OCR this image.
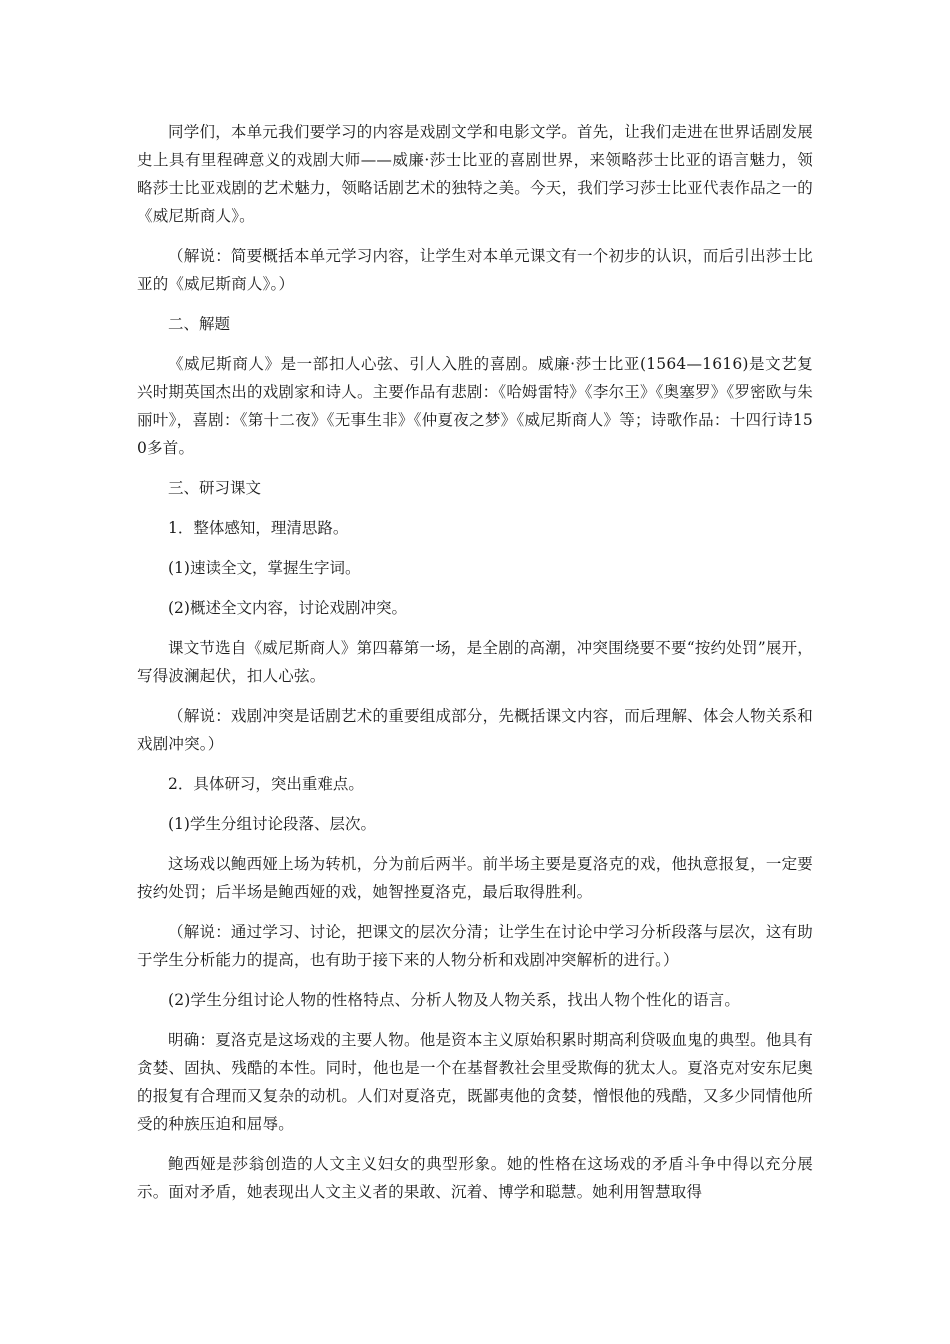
同学们，本单元我们要学习的内容是戏剧文学和电影文学。首先，让我们走进在世界话剧发展史上具有里程碑意义的戏剧大师——威廉·莎士比亚的喜剧世界，来领略莎士比亚的语言魅力，领略莎士比亚戏剧的艺术魅力，领略话剧艺术的独特之美。今天，我们学习莎士比亚代表作品之一的《威尼斯商人》。

（解说：简要概括本单元学习内容，让学生对本单元课文有一个初步的认识，而后引出莎士比亚的《威尼斯商人》。）

二、解题

《威尼斯商人》是一部扣人心弦、引人入胜的喜剧。威廉·莎士比亚(1564—1616)是文艺复兴时期英国杰出的戏剧家和诗人。主要作品有悲剧：《哈姆雷特》《李尔王》《奥塞罗》《罗密欧与朱丽叶》，喜剧：《第十二夜》《无事生非》《仲夏夜之梦》《威尼斯商人》等；诗歌作品：十四行诗150多首。

三、研习课文

1．整体感知，理清思路。

(1)速读全文，掌握生字词。

(2)概述全文内容，讨论戏剧冲突。

课文节选自《威尼斯商人》第四幕第一场，是全剧的高潮，冲突围绕要不要“按约处罚”展开，写得波澜起伏，扣人心弦。

（解说：戏剧冲突是话剧艺术的重要组成部分，先概括课文内容，而后理解、体会人物关系和戏剧冲突。）

2．具体研习，突出重难点。

(1)学生分组讨论段落、层次。

这场戏以鲍西娅上场为转机，分为前后两半。前半场主要是夏洛克的戏，他执意报复，一定要按约处罚；后半场是鲍西娅的戏，她智挫夏洛克，最后取得胜利。

（解说：通过学习、讨论，把课文的层次分清；让学生在讨论中学习分析段落与层次，这有助于学生分析能力的提高，也有助于接下来的人物分析和戏剧冲突解析的进行。）

(2)学生分组讨论人物的性格特点、分析人物及人物关系，找出人物个性化的语言。

明确：夏洛克是这场戏的主要人物。他是资本主义原始积累时期高利贷吸血鬼的典型。他具有贪婪、固执、残酷的本性。同时，他也是一个在基督教社会里受欺侮的犹太人。夏洛克对安东尼奥的报复有合理而又复杂的动机。人们对夏洛克，既鄙夷他的贪婪，憎恨他的残酷，又多少同情他所受的种族压迫和屈辱。

鲍西娅是莎翁创造的人文主义妇女的典型形象。她的性格在这场戏的矛盾斗争中得以充分展示。面对矛盾，她表现出人文主义者的果敢、沉着、博学和聪慧。她利用智慧取得
